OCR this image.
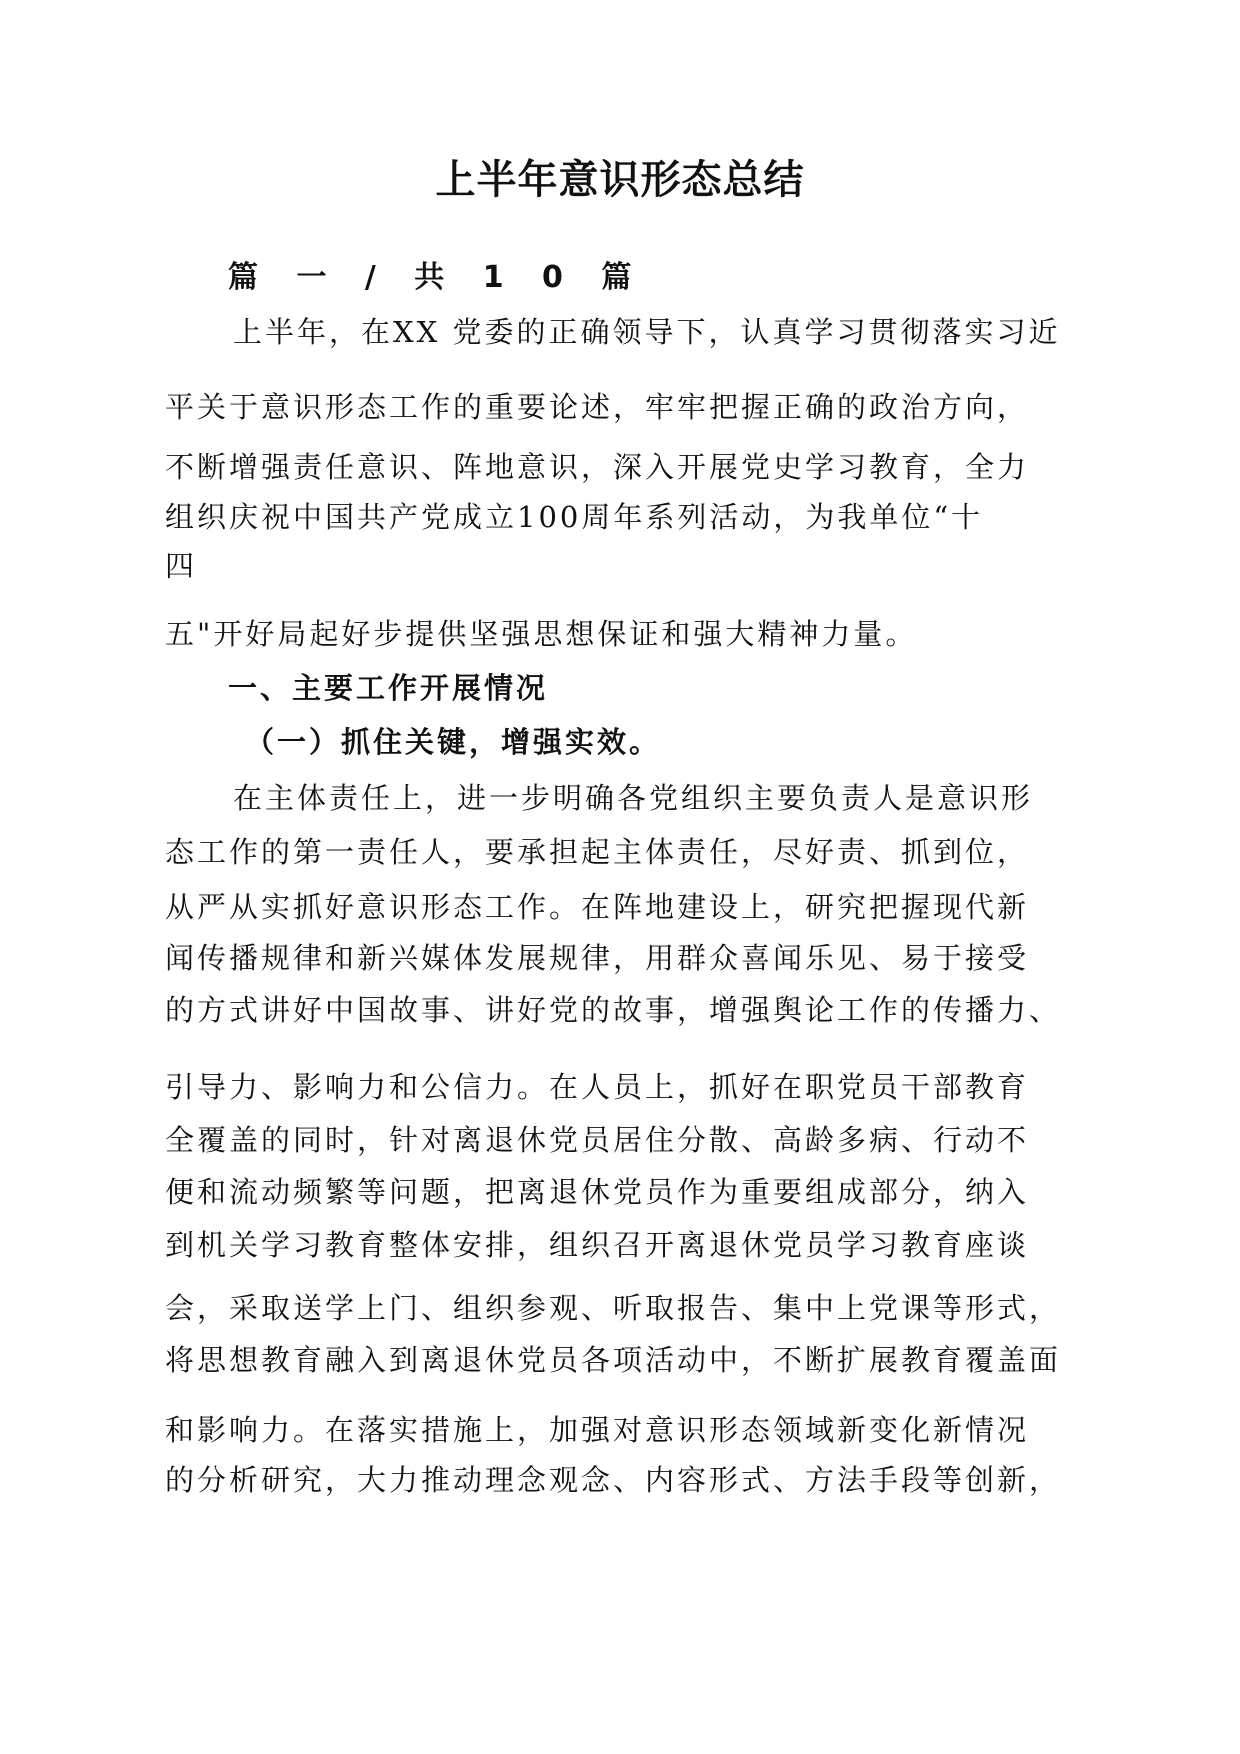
上半年意识形态总结
篇 一 / 共 1 0 篇
上半年，在XX 党委的正确领导下，认真学习贯彻落实习近
平关于意识形态工作的重要论述，牢牢把握正确的政治方向，
不断增强责任意识、阵地意识，深入开展党史学习教育，全力
组织庆祝中国共产党成立100周年系列活动，为我单位“十
四
五"开好局起好步提供坚强思想保证和强大精神力量。
一、主要工作开展情况
（一）抓住关键，增强实效。
在主体责任上，进一步明确各党组织主要负责人是意识形
态工作的第一责任人，要承担起主体责任，尽好责、抓到位，
从严从实抓好意识形态工作。在阵地建设上，研究把握现代新
闻传播规律和新兴媒体发展规律，用群众喜闻乐见、易于接受
的方式讲好中国故事、讲好党的故事，增强舆论工作的传播力、
引导力、影响力和公信力。在人员上，抓好在职党员干部教育
全覆盖的同时，针对离退休党员居住分散、高龄多病、行动不
便和流动频繁等问题，把离退休党员作为重要组成部分，纳入
到机关学习教育整体安排，组织召开离退休党员学习教育座谈
会，采取送学上门、组织参观、听取报告、集中上党课等形式，
将思想教育融入到离退休党员各项活动中，不断扩展教育覆盖面
和影响力。在落实措施上，加强对意识形态领域新变化新情况
的分析研究，大力推动理念观念、内容形式、方法手段等创新，
